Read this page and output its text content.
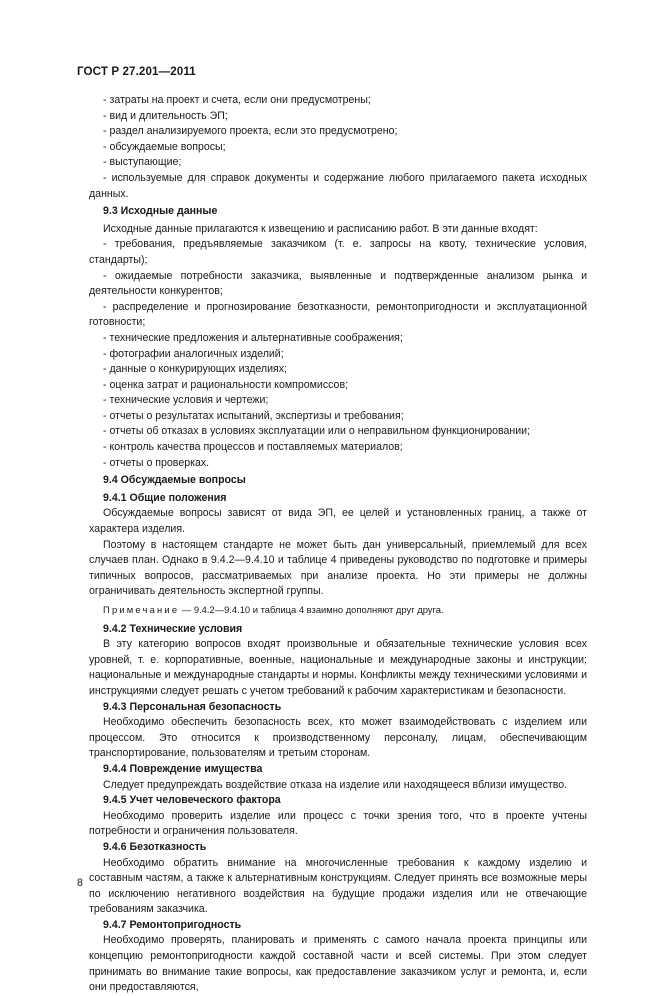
ГОСТ Р 27.201—2011

- затраты на проект и счета, если они предусмотрены;

- вид и длительность ЭП;

- раздел анализируемого проекта, если это предусмотрено;

- обсуждаемые вопросы;

- выступающие;

- используемые для справок документы и содержание любого прилагаемого пакета исходных данных.

9.3 Исходные данные

Исходные данные прилагаются к извещению и расписанию работ. В эти данные входят:

- требования, предъявляемые заказчиком (т. е. запросы на квоту, технические условия, стандарты);

- ожидаемые потребности заказчика, выявленные и подтвержденные анализом рынка и деятельности конкурентов;

- распределение и прогнозирование безотказности, ремонтопригодности и эксплуатационной готовности;

- технические предложения и альтернативные соображения;

- фотографии аналогичных изделий;

- данные о конкурирующих изделиях;

- оценка затрат и рациональности компромиссов;

- технические условия и чертежи;

- отчеты о результатах испытаний, экспертизы и требования;

- отчеты об отказах в условиях эксплуатации или о неправильном функционировании;

- контроль качества процессов и поставляемых материалов;

- отчеты о проверках.

9.4 Обсуждаемые вопросы

9.4.1 Общие положения

Обсуждаемые вопросы зависят от вида ЭП, ее целей и установленных границ, а также от характера изделия.

Поэтому в настоящем стандарте не может быть дан универсальный, приемлемый для всех случаев план. Однако в 9.4.2—9.4.10 и таблице 4 приведены руководство по подготовке и примеры типичных вопросов, рассматриваемых при анализе проекта. Но эти примеры не должны ограничивать деятельность экспертной группы.

Примечание — 9.4.2—9.4.10 и таблица 4 взаимно дополняют друг друга.

9.4.2 Технические условия

В эту категорию вопросов входят произвольные и обязательные технические условия всех уровней, т. е. корпоративные, военные, национальные и международные законы и инструкции; национальные и международные стандарты и нормы. Конфликты между техническими условиями и инструкциями следует решать с учетом требований к рабочим характеристикам и безопасности.

9.4.3 Персональная безопасность

Необходимо обеспечить безопасность всех, кто может взаимодействовать с изделием или процессом. Это относится к производственному персоналу, лицам, обеспечивающим транспортирование, пользователям и третьим сторонам.

9.4.4 Повреждение имущества

Следует предупреждать воздействие отказа на изделие или находящееся вблизи имущество.

9.4.5 Учет человеческого фактора

Необходимо проверить изделие или процесс с точки зрения того, что в проекте учтены потребности и ограничения пользователя.

9.4.6 Безотказность

Необходимо обратить внимание на многочисленные требования к каждому изделию и составным частям, а также к альтернативным конструкциям. Следует принять все возможные меры по исключению негативного воздействия на будущие продажи изделия или не отвечающие требованиям заказчика.

9.4.7 Ремонтопригодность

Необходимо проверять, планировать и применять с самого начала проекта принципы или концепцию ремонтопригодности каждой составной части и всей системы. При этом следует принимать во внимание такие вопросы, как предоставление заказчиком услуг и ремонта, и, если они предоставляются,

8
